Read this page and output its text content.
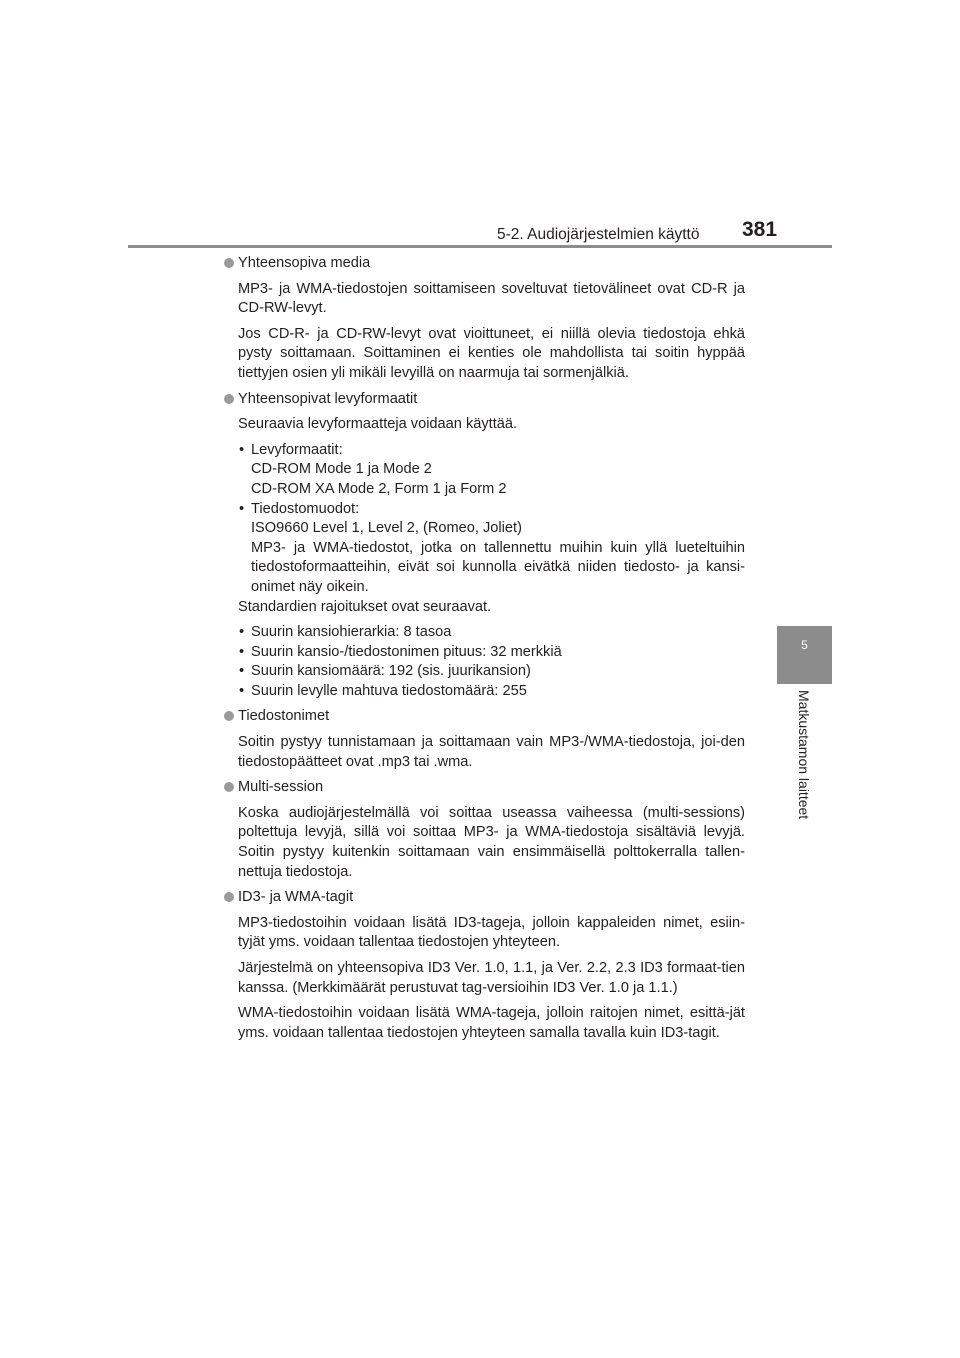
5-2. Audiojärjestelmien käyttö 381
5
Matkustamon laitteet

Yhteensopiva media

MP3- ja WMA-tiedostojen soittamiseen soveltuvat tietovälineet ovat CD-R ja CD-RW-levyt.

Jos CD-R- ja CD-RW-levyt ovat vioittuneet, ei niillä olevia tiedostoja ehkä pysty soittamaan. Soittaminen ei kenties ole mahdollista tai soitin hyppää tiettyjen osien yli mikäli levyillä on naarmuja tai sormenjälkiä.

Yhteensopivat levyformaatit

Seuraavia levyformaatteja voidaan käyttää.

• Levyformaatit:
CD-ROM Mode 1 ja Mode 2
CD-ROM XA Mode 2, Form 1 ja Form 2
• Tiedostomuodot:
ISO9660 Level 1, Level 2, (Romeo, Joliet)
MP3- ja WMA-tiedostot, jotka on tallennettu muihin kuin yllä lueteltuihin tiedostoformaatteihin, eivät soi kunnolla eivätkä niiden tiedosto- ja kansi-onimet näy oikein.

Standardien rajoitukset ovat seuraavat.

• Suurin kansiohierarkia: 8 tasoa
• Suurin kansio-/tiedostonimen pituus: 32 merkkiä
• Suurin kansiomäärä: 192 (sis. juurikansion)
• Suurin levylle mahtuva tiedostomäärä: 255

Tiedostonimet

Soitin pystyy tunnistamaan ja soittamaan vain MP3-/WMA-tiedostoja, joi-den tiedostopäätteet ovat .mp3 tai .wma.

Multi-session

Koska audiojärjestelmällä voi soittaa useassa vaiheessa (multi-sessions) poltettuja levyjä, sillä voi soittaa MP3- ja WMA-tiedostoja sisältäviä levyjä. Soitin pystyy kuitenkin soittamaan vain ensimmäisellä polttokerralla tallen-nettuja tiedostoja.

ID3- ja WMA-tagit

MP3-tiedostoihin voidaan lisätä ID3-tageja, jolloin kappaleiden nimet, esiin-tyjät yms. voidaan tallentaa tiedostojen yhteyteen.

Järjestelmä on yhteensopiva ID3 Ver. 1.0, 1.1, ja Ver. 2.2, 2.3 ID3 formaat-tien kanssa. (Merkkimäärät perustuvat tag-versioihin ID3 Ver. 1.0 ja 1.1.)

WMA-tiedostoihin voidaan lisätä WMA-tageja, jolloin raitojen nimet, esittä-jät yms. voidaan tallentaa tiedostojen yhteyteen samalla tavalla kuin ID3-tagit.
